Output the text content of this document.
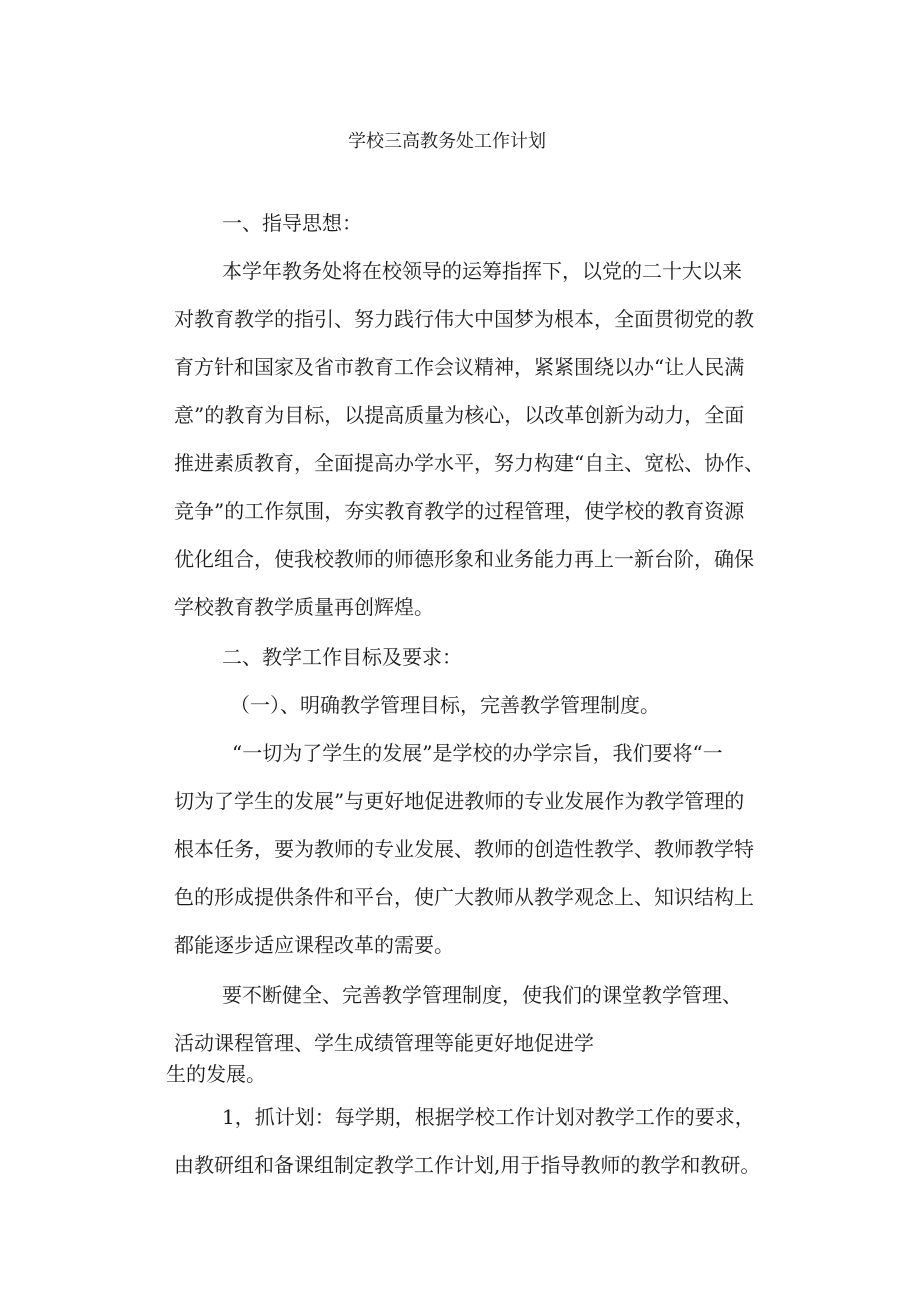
学校三高教务处工作计划

一、指导思想：

本学年教务处将在校领导的运筹指挥下，以党的二十大以来

对教育教学的指引、努力践行伟大中国梦为根本，全面贯彻党的教

育方针和国家及省市教育工作会议精神，紧紧围绕以办“让人民满

意”的教育为目标，以提高质量为核心，以改革创新为动力，全面

推进素质教育，全面提高办学水平，努力构建“自主、宽松、协作、

竞争”的工作氛围，夯实教育教学的过程管理，使学校的教育资源

优化组合，使我校教师的师德形象和业务能力再上一新台阶，确保

学校教育教学质量再创辉煌。

二、教学工作目标及要求：

（一）、明确教学管理目标，完善教学管理制度。

“一切为了学生的发展”是学校的办学宗旨，我们要将“一

切为了学生的发展”与更好地促进教师的专业发展作为教学管理的

根本任务，要为教师的专业发展、教师的创造性教学、教师教学特

色的形成提供条件和平台，使广大教师从教学观念上、知识结构上

都能逐步适应课程改革的需要。

要不断健全、完善教学管理制度，使我们的课堂教学管理、

活动课程管理、学生成绩管理等能更好地促进学

生的发展。

1，抓计划：每学期，根据学校工作计划对教学工作的要求，

由教研组和备课组制定教学工作计划,用于指导教师的教学和教研。
